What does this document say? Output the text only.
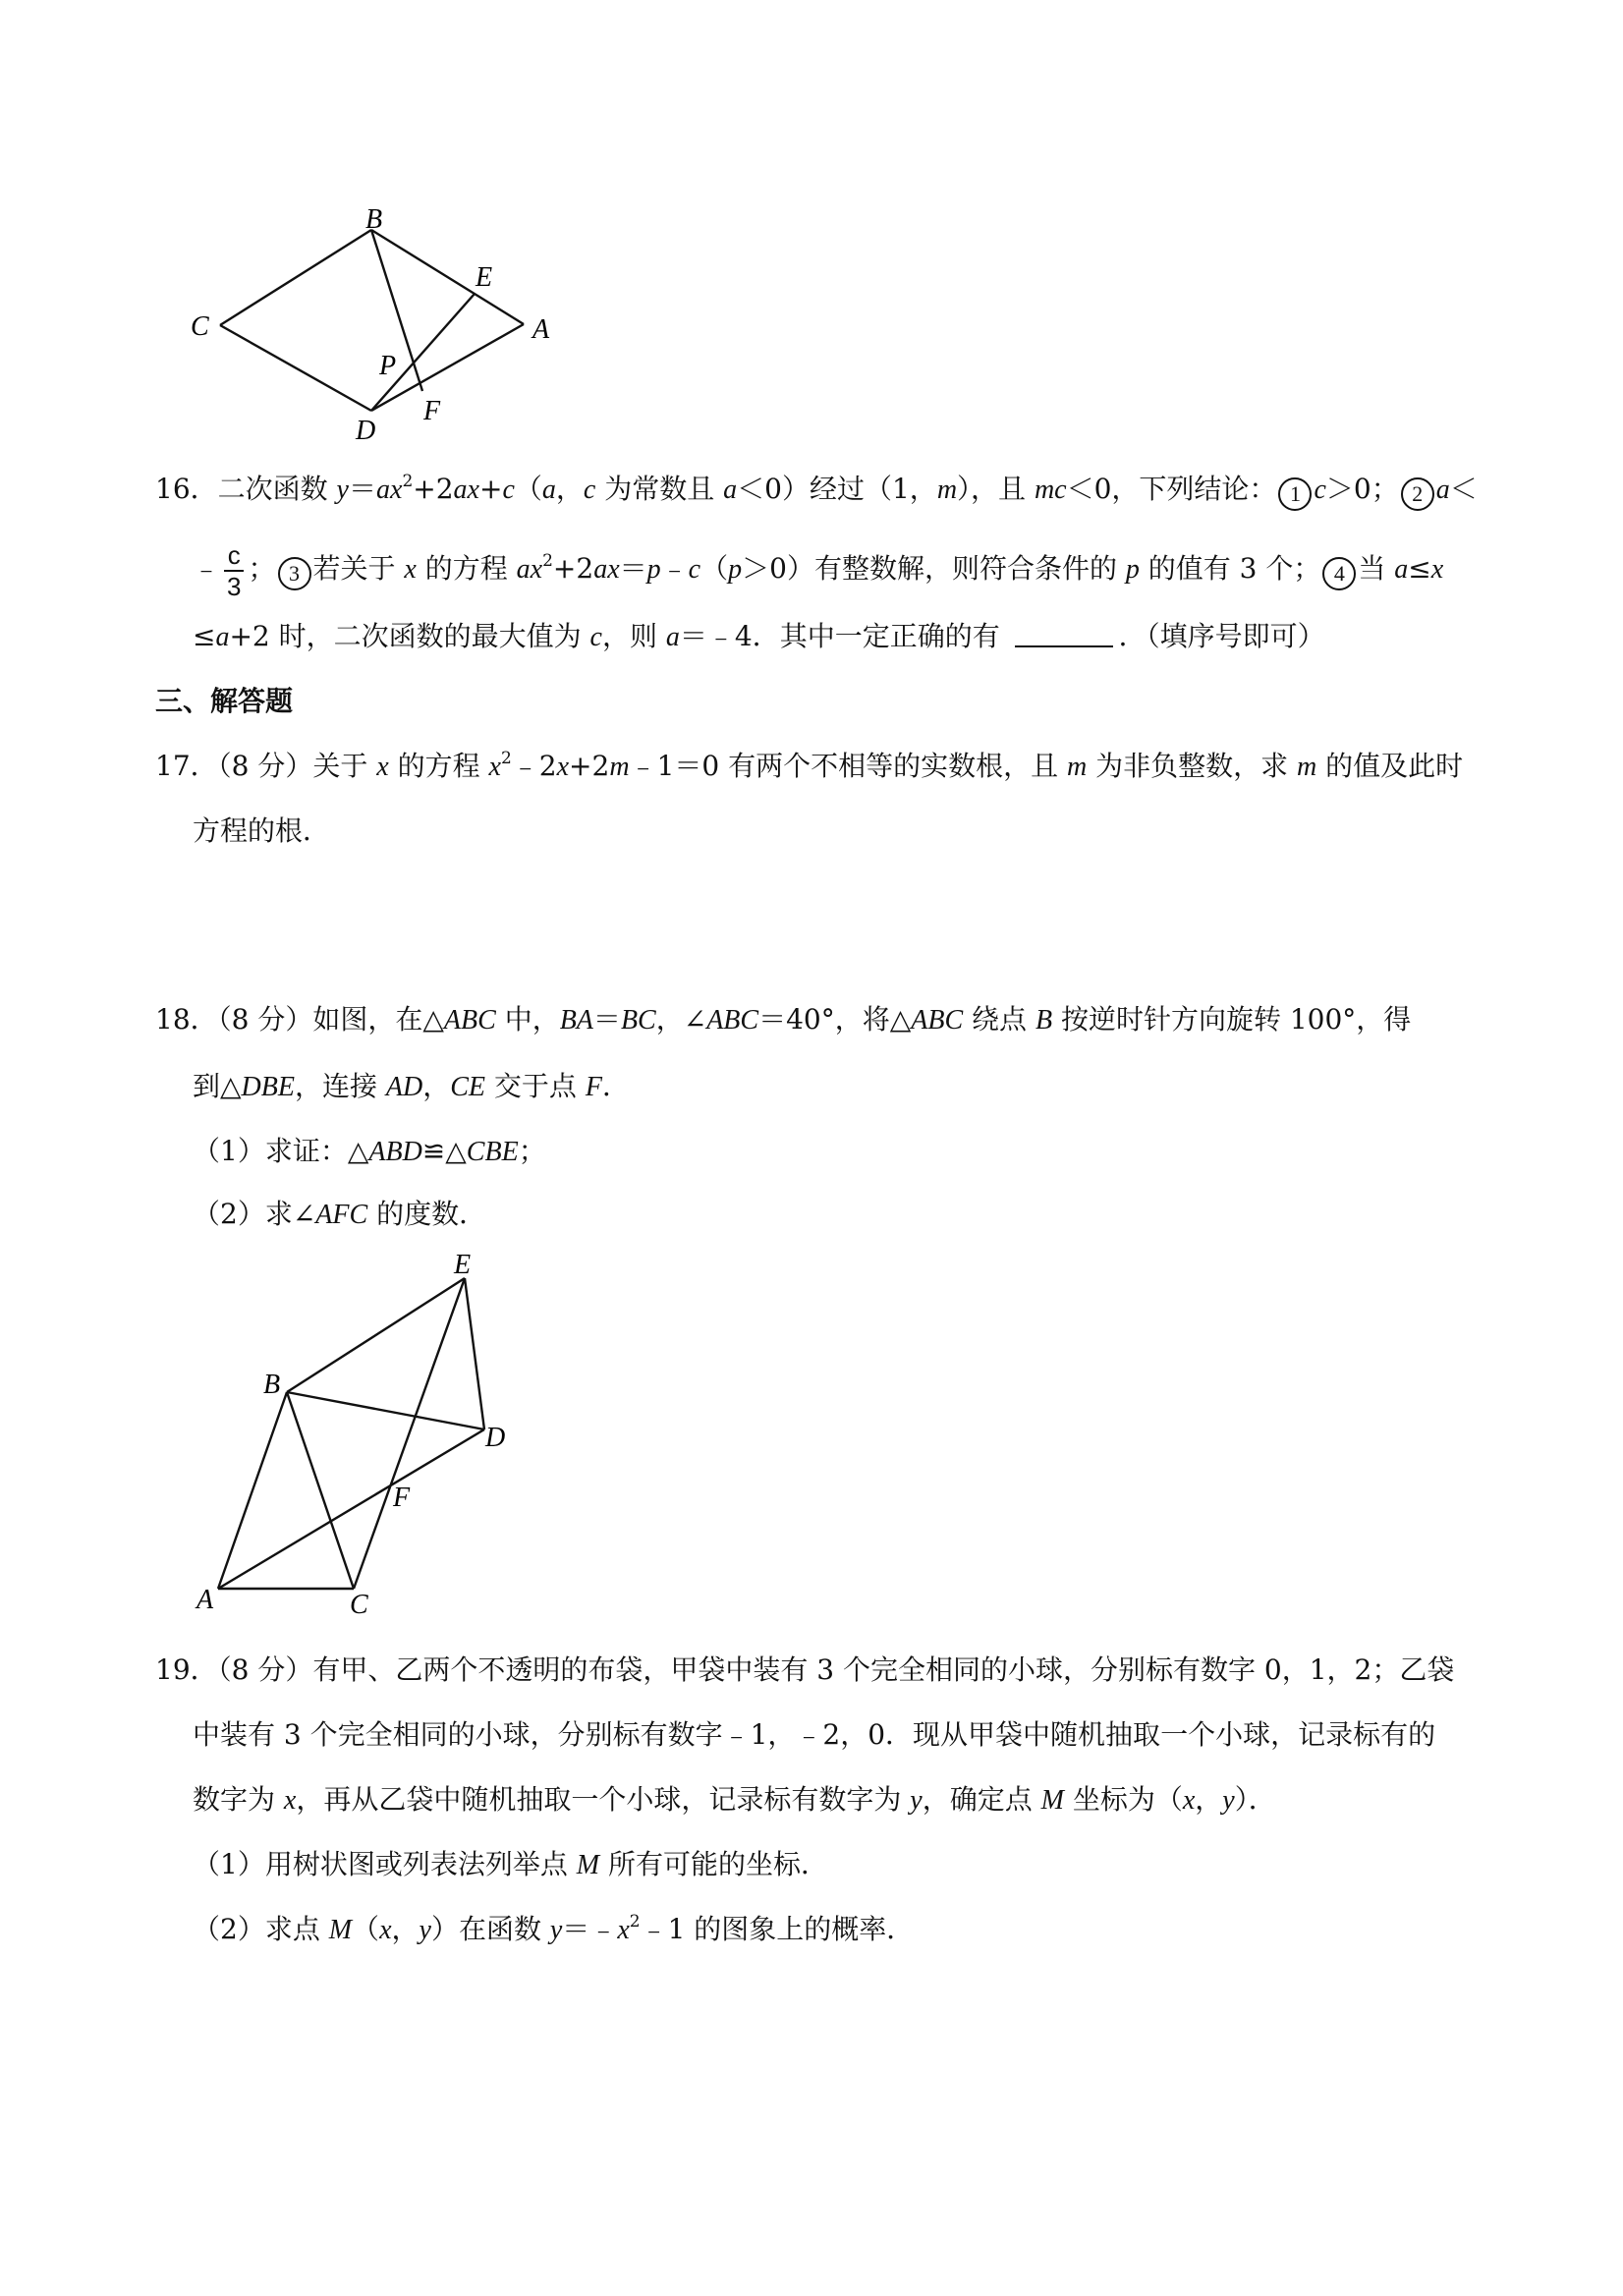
B
C
E
A
P
D
F
16．二次函数 $y=ax^2+2ax+c(a$，c 为常数且 a＜0）经过（1，m），且 mc＜0，下列结论： 1 c＞0； 2 a＜
﹣ $\frac{c}{3}$ ； 3 若关于 x 的方程 $ax^2+2ax=p﹣c(p>0)$有整数解，则符合条件的 p 的值有 3 个； 4 当 a≤x
≤a+2 时，二次函数的最大值为 c，则 a＝﹣4．其中一定正确的有	．（填序号即可）
三、解答题
17．（8 分）关于 x 的方程 $x^2﹣2x+2m﹣1=0$ 有两个不相等的实数根，且 m 为非负整数，求 m 的值及此时
方程的根．
18．（8 分）如图，在△ABC 中，BA＝BC，∠ABC＝40°，将△ABC 绕点 B 按逆时针方向旋转 100°，得
到△DBE，连接 AD，CE 交于点 F．
（1）求证：△ABD≌△CBE；
（2）求∠AFC 的度数．
E
B
D
F
A	C
19．（8 分）有甲、乙两个不透明的布袋，甲袋中装有 3 个完全相同的小球，分别标有数字 0，1，2；乙袋
中装有 3 个完全相同的小球，分别标有数字﹣1，﹣2，0．现从甲袋中随机抽取一个小球，记录标有的
数字为 x，再从乙袋中随机抽取一个小球，记录标有数字为 y，确定点 M 坐标为（x，y）．
（1）用树状图或列表法列举点 M 所有可能的坐标．
（2）求点 M（x，y）在函数 $y=﹣x^2﹣1$ 的图象上的概率．
